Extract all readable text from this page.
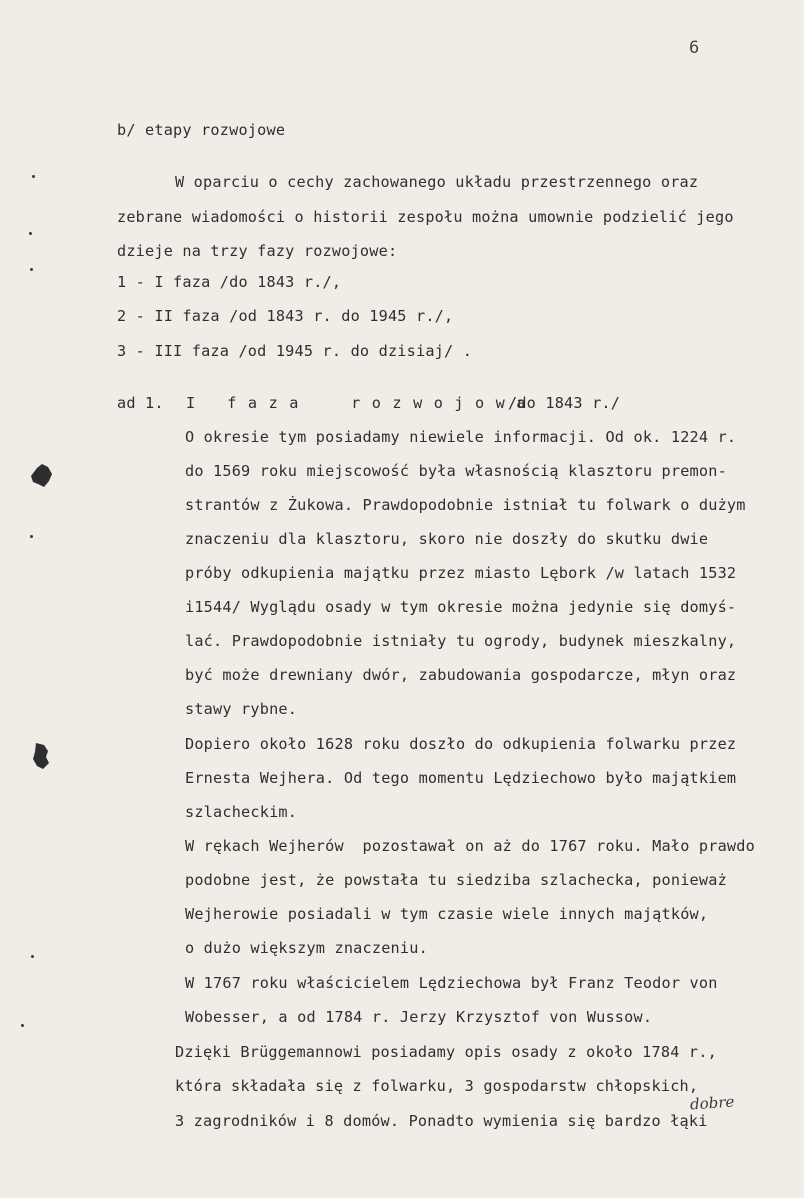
6
b/ etapy rozwojowe
W oparciu o cechy zachowanego układu przestrzennego oraz
zebrane wiadomości o historii zespołu można umownie podzielić jego
dzieje na trzy fazy rozwojowe:
1 - I faza /do 1843 r./,
2 - II faza /od 1843 r. do 1945 r./,
3 - III faza /od 1945 r. do dzisiaj/ .
ad 1. I faza  rozwojowa
/do 1843 r./
O okresie tym posiadamy niewiele informacji. Od ok. 1224 r.
do 1569 roku miejscowość była własnością klasztoru premon-
strantów z Żukowa. Prawdopodobnie istniał tu folwark o dużym
znaczeniu dla klasztoru, skoro nie doszły do skutku dwie
próby odkupienia majątku przez miasto Lębork /w latach 1532
i1544/ Wyglądu osady w tym okresie można jedynie się domyś-
lać. Prawdopodobnie istniały tu ogrody, budynek mieszkalny,
być może drewniany dwór, zabudowania gospodarcze, młyn oraz
stawy rybne.
Dopiero około 1628 roku doszło do odkupienia folwarku przez
Ernesta Wejhera. Od tego momentu Lędziechowo było majątkiem
szlacheckim.
W rękach Wejherów  pozostawał on aż do 1767 roku. Mało prawdo
podobne jest, że powstała tu siedziba szlachecka, ponieważ
Wejherowie posiadali w tym czasie wiele innych majątków,
o dużo większym znaczeniu.
W 1767 roku właścicielem Lędziechowa był Franz Teodor von
Wobesser, a od 1784 r. Jerzy Krzysztof von Wussow.
Dzięki Brüggemannowi posiadamy opis osady z około 1784 r.,
która składała się z folwarku, 3 gospodarstw chłopskich,
3 zagrodników i 8 domów. Ponadto wymienia się bardzo łąki
dobre
